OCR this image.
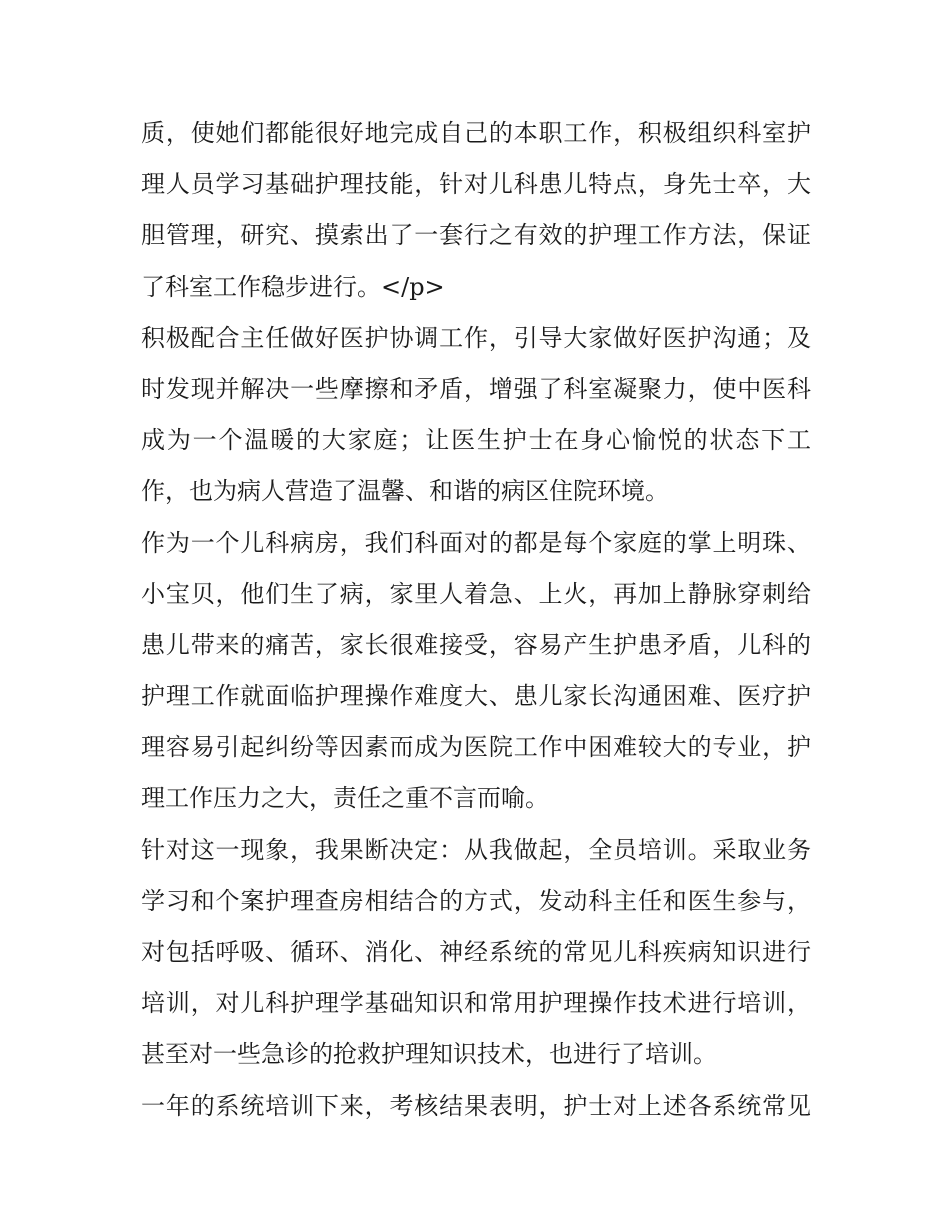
质，使她们都能很好地完成自己的本职工作，积极组织科室护
理人员学习基础护理技能，针对儿科患儿特点，身先士卒，大
胆管理，研究、摸索出了一套行之有效的护理工作方法，保证
了科室工作稳步进行。</p>
积极配合主任做好医护协调工作，引导大家做好医护沟通；及
时发现并解决一些摩擦和矛盾，增强了科室凝聚力，使中医科
成为一个温暖的大家庭；让医生护士在身心愉悦的状态下工
作，也为病人营造了温馨、和谐的病区住院环境。
作为一个儿科病房，我们科面对的都是每个家庭的掌上明珠、
小宝贝，他们生了病，家里人着急、上火，再加上静脉穿刺给
患儿带来的痛苦，家长很难接受，容易产生护患矛盾，儿科的
护理工作就面临护理操作难度大、患儿家长沟通困难、医疗护
理容易引起纠纷等因素而成为医院工作中困难较大的专业，护
理工作压力之大，责任之重不言而喻。
针对这一现象，我果断决定：从我做起，全员培训。采取业务
学习和个案护理查房相结合的方式，发动科主任和医生参与，
对包括呼吸、循环、消化、神经系统的常见儿科疾病知识进行
培训，对儿科护理学基础知识和常用护理操作技术进行培训，
甚至对一些急诊的抢救护理知识技术，也进行了培训。
一年的系统培训下来，考核结果表明，护士对上述各系统常见
